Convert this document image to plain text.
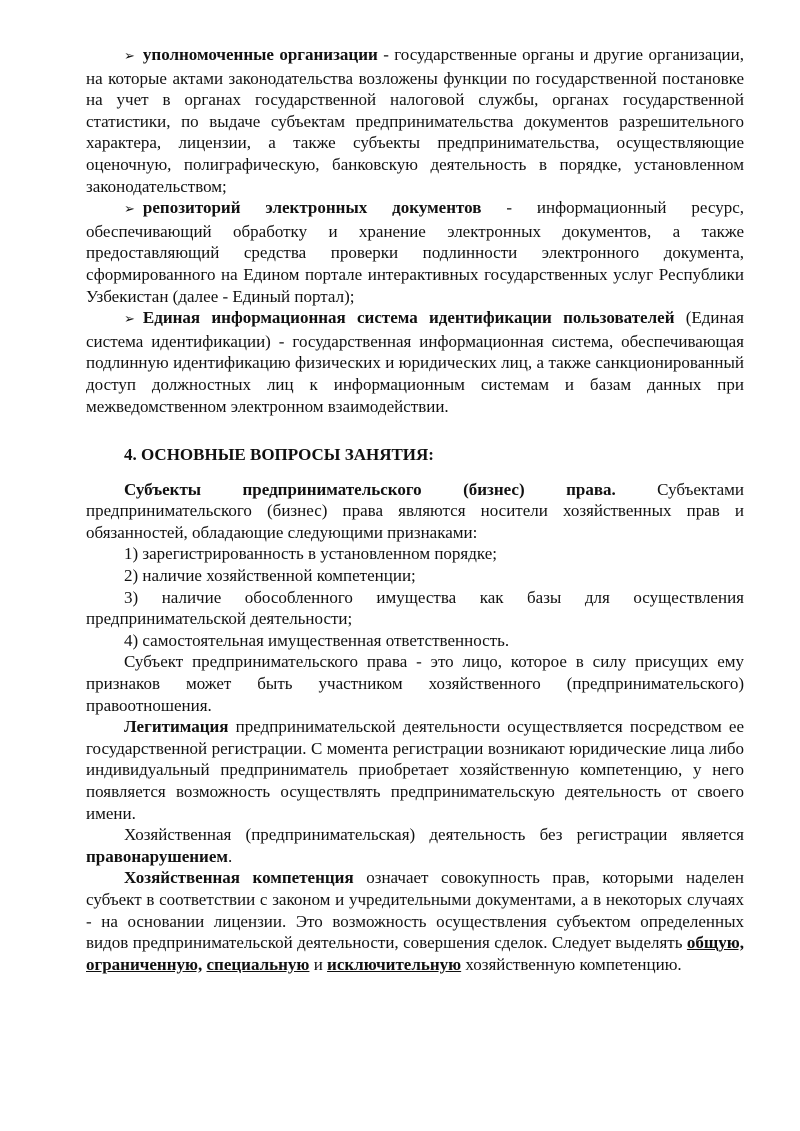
➢ уполномоченные организации - государственные органы и другие организации, на которые актами законодательства возложены функции по государственной постановке на учет в органах государственной налоговой службы, органах государственной статистики, по выдаче субъектам предпринимательства документов разрешительного характера, лицензии, а также субъекты предпринимательства, осуществляющие оценочную, полиграфическую, банковскую деятельность в порядке, установленном законодательством;

➢ репозиторий электронных документов - информационный ресурс, обеспечивающий обработку и хранение электронных документов, а также предоставляющий средства проверки подлинности электронного документа, сформированного на Едином портале интерактивных государственных услуг Республики Узбекистан (далее - Единый портал);

➢ Единая информационная система идентификации пользователей (Единая система идентификации) - государственная информационная система, обеспечивающая подлинную идентификацию физических и юридических лиц, а также санкционированный доступ должностных лиц к информационным системам и базам данных при межведомственном электронном взаимодействии.

4. ОСНОВНЫЕ ВОПРОСЫ ЗАНЯТИЯ:

Субъекты предпринимательского (бизнес) права. Субъектами предпринимательского (бизнес) права являются носители хозяйственных прав и обязанностей, обладающие следующими признаками:

1) зарегистрированность в установленном порядке;

2) наличие хозяйственной компетенции;

3) наличие обособленного имущества как базы для осуществления предпринимательской деятельности;

4) самостоятельная имущественная ответственность.

Субъект предпринимательского права - это лицо, которое в силу присущих ему признаков может быть участником хозяйственного (предпринимательского) правоотношения.

Легитимация предпринимательской деятельности осуществляется посредством ее государственной регистрации. С момента регистрации возникают юридические лица либо индивидуальный предприниматель приобретает хозяйственную компетенцию, у него появляется возможность осуществлять предпринимательскую деятельность от своего имени.

Хозяйственная (предпринимательская) деятельность без регистрации является правонарушением.

Хозяйственная компетенция означает совокупность прав, которыми наделен субъект в соответствии с законом и учредительными документами, а в некоторых случаях - на основании лицензии. Это возможность осуществления субъектом определенных видов предпринимательской деятельности, совершения сделок. Следует выделять общую, ограниченную, специальную и исключительную хозяйственную компетенцию.
